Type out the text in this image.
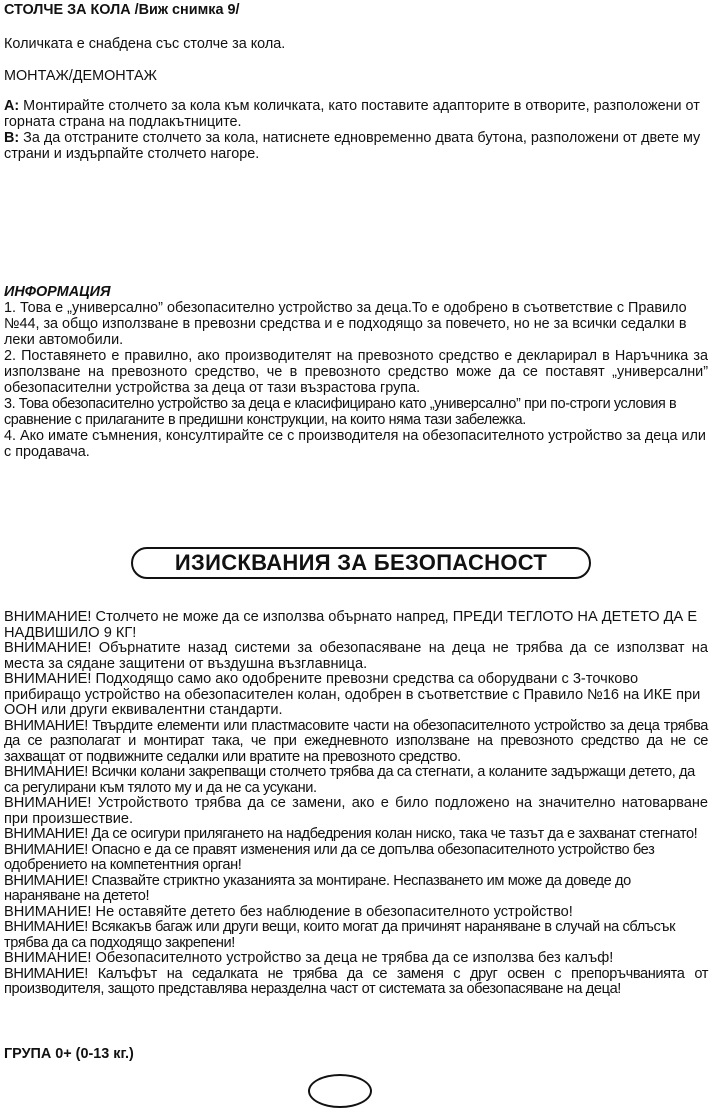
СТОЛЧЕ ЗА КОЛА /Виж снимка 9/
Количката е снабдена със столче за кола.
МОНТАЖ/ДЕМОНТАЖ
A: Монтирайте столчето за кола към количката, като поставите адапторите в отворите, разположени от горната страна на подлакътниците.
B: За да отстраните столчето за кола, натиснете едновременно двата бутона, разположени от двете му страни и издърпайте столчето нагоре.
ИНФОРМАЦИЯ
1. Това е „универсално” обезопасително устройство за деца.То е одобрено в съответствие с Правило №44, за общо използване в превозни средства и е подходящо за повечето, но не за всички седалки в леки автомобили.
2. Поставянето е правилно, ако производителят на превозното средство е декларирал в Наръчника за използване на превозното средство, че в превозното средство може да се поставят „универсални” обезопасителни устройства за деца от тази възрастова група.
3. Това обезопасително устройство за деца е класифицирано като „универсално” при по-строги условия в сравнение с прилаганите в предишни конструкции, на които няма тази забележка.
4. Ако имате съмнения, консултирайте се с производителя на обезопасителното устройство за деца или с продавача.
ИЗИСКВАНИЯ ЗА БЕЗОПАСНОСТ

ВНИМАНИЕ! Столчето не може да се използва обърнато напред, ПРЕДИ ТЕГЛОТО НА ДЕТЕТО ДА Е НАДВИШИЛО 9 КГ!

ВНИМАНИЕ! Обърнатите назад системи за обезопасяване на деца не трябва да се използват на места за сядане защитени от въздушна възглавница.

ВНИМАНИЕ! Подходящо само ако одобрените превозни средства са оборудвани с 3-точково прибиращо устройство на обезопасителен колан, одобрен в съответствие с Правило №16 на ИКЕ при ООН или други еквивалентни стандарти.

ВНИМАНИЕ! Твърдите елементи или пластмасовите части на обезопасителното устройство за деца трябва да се разполагат и монтират така, че при ежедневното използване на превозното средство да не се захващат от подвижните седалки или вратите на превозното средство.

ВНИМАНИЕ! Всички колани закрепващи столчето трябва да са стегнати, а коланите задържащи детето, да са регулирани към тялото му и да не са усукани.

ВНИМАНИЕ! Устройството трябва да се замени, ако е било подложено на значително натоварване при произшествие.

ВНИМАНИЕ! Да се осигури прилягането на надбедрения колан ниско, така че тазът да е захванат стегнато!

ВНИМАНИЕ! Опасно е да се правят изменения или да се допълва обезопасителното устройство без одобрението на компетентния орган!

ВНИМАНИЕ! Спазвайте стриктно указанията за монтиране. Неспазването им може да доведе до нараняване на детето!

ВНИМАНИЕ! Не оставяйте детето без наблюдение в обезопасителното устройство!

ВНИМАНИЕ! Всякакъв багаж или други вещи, които могат да причинят нараняване в случай на сблъсък трябва да са подходящо закрепени!

ВНИМАНИЕ! Обезопасителното устройство за деца не трябва да се използва без калъф!

ВНИМАНИЕ! Калъфът на седалката не трябва да се заменя с друг освен с препоръчванията от производителя, защото представлява неразделна част от системата за обезопасяване на деца!

ГРУПА 0+ (0-13 кг.)
